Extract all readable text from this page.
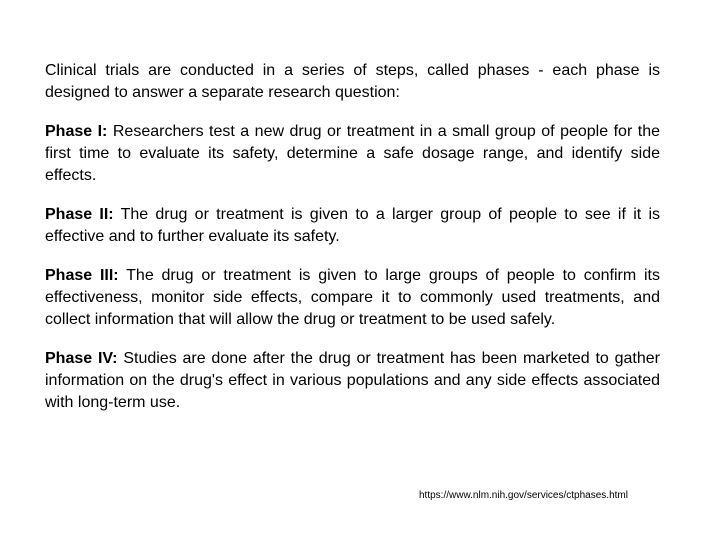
Clinical trials are conducted in a series of steps, called phases - each phase is designed to answer a separate research question:

Phase I: Researchers test a new drug or treatment in a small group of people for the first time to evaluate its safety, determine a safe dosage range, and identify side effects.

Phase II: The drug or treatment is given to a larger group of people to see if it is effective and to further evaluate its safety.

Phase III: The drug or treatment is given to large groups of people to confirm its effectiveness, monitor side effects, compare it to commonly used treatments, and collect information that will allow the drug or treatment to be used safely.

Phase IV: Studies are done after the drug or treatment has been marketed to gather information on the drug's effect in various populations and any side effects associated with long-term use.

https://www.nlm.nih.gov/services/ctphases.html
